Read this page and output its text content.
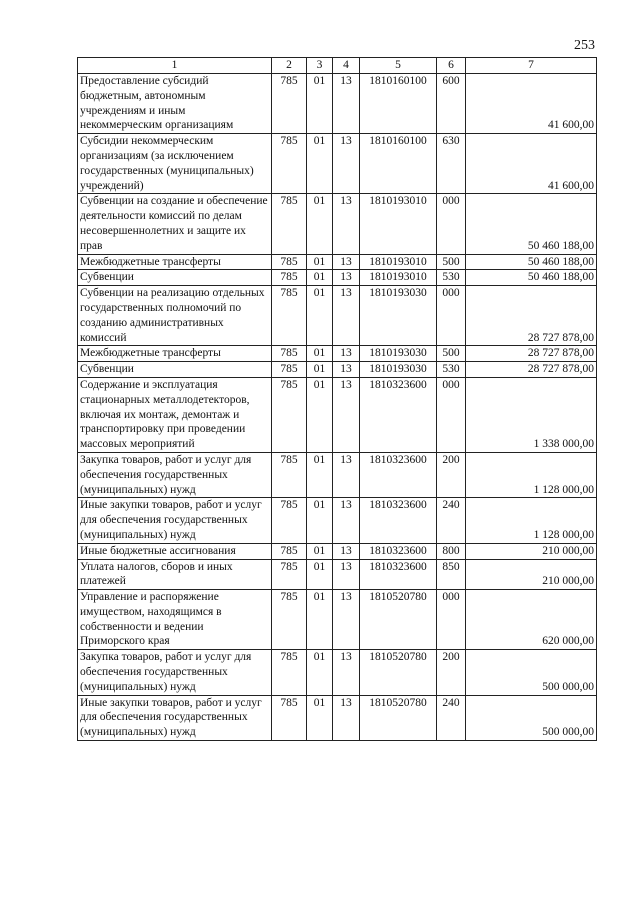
253
1	2	3	4	5	6	7
Предоставление субсидий бюджетным, автономным учреждениям и иным некоммерческим организациям	785	01	13	1810160100	600	41 600,00
Субсидии некоммерческим организациям (за исключением государственных (муниципальных) учреждений)	785	01	13	1810160100	630	41 600,00
Субвенции на создание и обеспечение деятельности комиссий по делам несовершеннолетних и защите их прав	785	01	13	1810193010	000	50 460 188,00
Межбюджетные трансферты	785	01	13	1810193010	500	50 460 188,00
Субвенции	785	01	13	1810193010	530	50 460 188,00
Субвенции на реализацию отдельных государственных полномочий по созданию административных комиссий	785	01	13	1810193030	000	28 727 878,00
Межбюджетные трансферты	785	01	13	1810193030	500	28 727 878,00
Субвенции	785	01	13	1810193030	530	28 727 878,00
Содержание и эксплуатация стационарных металлодетекторов, включая их монтаж, демонтаж и транспортировку при проведении массовых мероприятий	785	01	13	1810323600	000	1 338 000,00
Закупка товаров, работ и услуг для обеспечения государственных (муниципальных) нужд	785	01	13	1810323600	200	1 128 000,00
Иные закупки товаров, работ и услуг для обеспечения государственных (муниципальных) нужд	785	01	13	1810323600	240	1 128 000,00
Иные бюджетные ассигнования	785	01	13	1810323600	800	210 000,00
Уплата налогов, сборов и иных платежей	785	01	13	1810323600	850	210 000,00
Управление и распоряжение имуществом, находящимся в собственности и ведении Приморского края	785	01	13	1810520780	000	620 000,00
Закупка товаров, работ и услуг для обеспечения государственных (муниципальных) нужд	785	01	13	1810520780	200	500 000,00
Иные закупки товаров, работ и услуг для обеспечения государственных (муниципальных) нужд	785	01	13	1810520780	240	500 000,00
